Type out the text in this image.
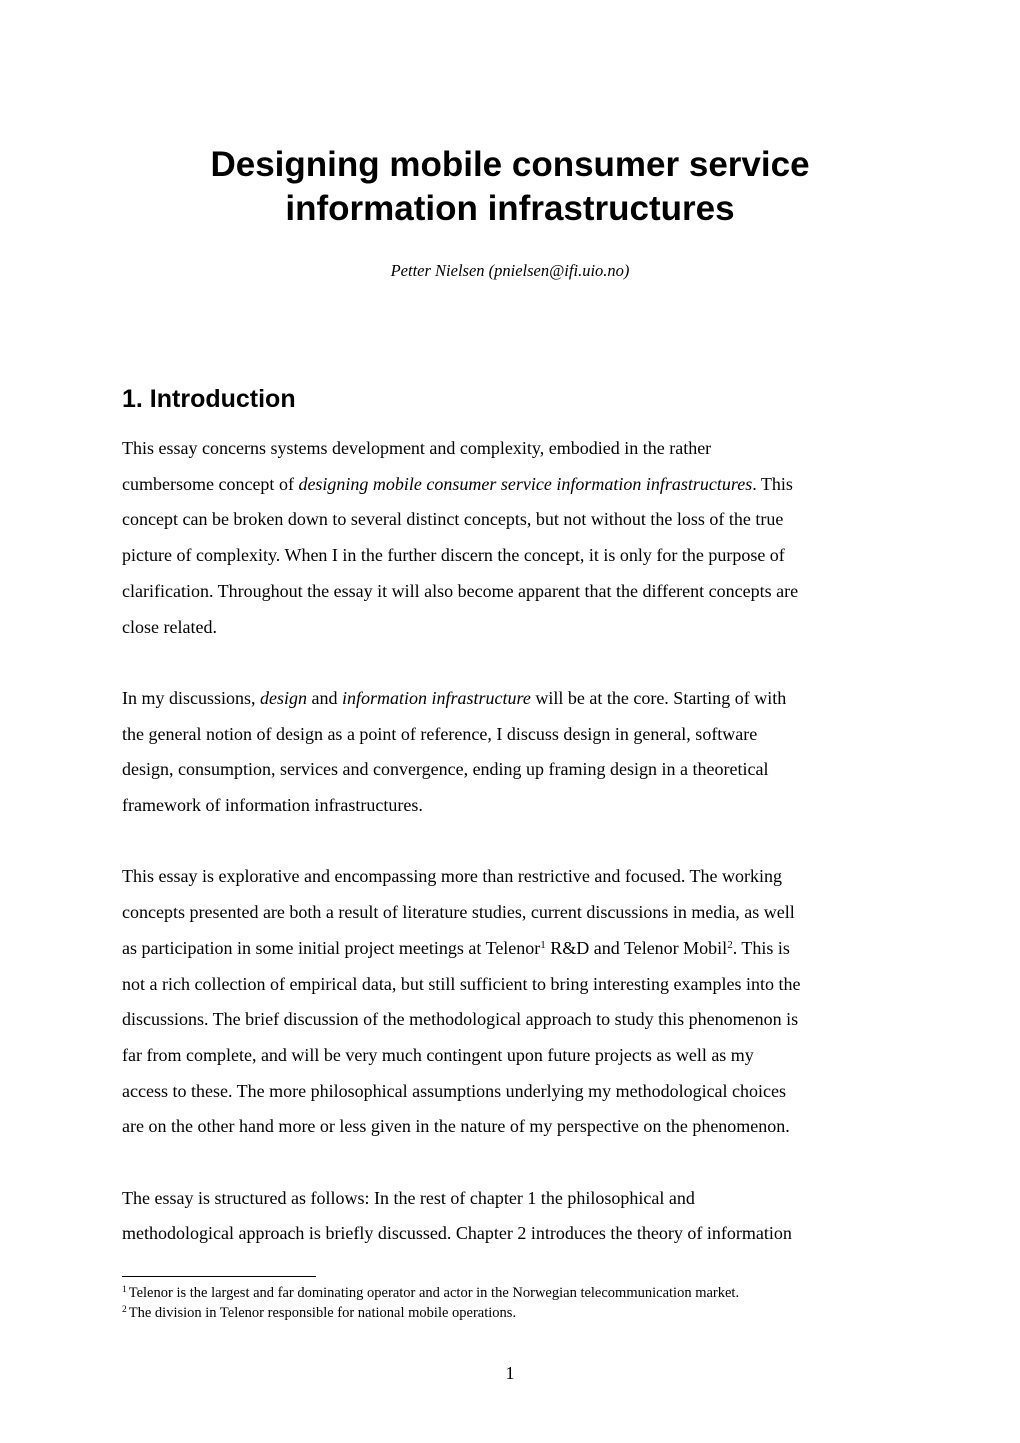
Designing mobile consumer service
information infrastructures

Petter Nielsen (pnielsen@ifi.uio.no)

1. Introduction

This essay concerns systems development and complexity, embodied in the rather
cumbersome concept of designing mobile consumer service information infrastructures. This
concept can be broken down to several distinct concepts, but not without the loss of the true
picture of complexity. When I in the further discern the concept, it is only for the purpose of
clarification. Throughout the essay it will also become apparent that the different concepts are
close related.

In my discussions, design and information infrastructure will be at the core. Starting of with
the general notion of design as a point of reference, I discuss design in general, software
design, consumption, services and convergence, ending up framing design in a theoretical
framework of information infrastructures.

This essay is explorative and encompassing more than restrictive and focused. The working
concepts presented are both a result of literature studies, current discussions in media, as well
as participation in some initial project meetings at Telenor$^1$ R&D and Telenor Mobil$^2$. This is
not a rich collection of empirical data, but still sufficient to bring interesting examples into the
discussions. The brief discussion of the methodological approach to study this phenomenon is
far from complete, and will be very much contingent upon future projects as well as my
access to these. The more philosophical assumptions underlying my methodological choices
are on the other hand more or less given in the nature of my perspective on the phenomenon.

The essay is structured as follows: In the rest of chapter 1 the philosophical and
methodological approach is briefly discussed. Chapter 2 introduces the theory of information

$^1$ Telenor is the largest and far dominating operator and actor in the Norwegian telecommunication market.

$^2$ The division in Telenor responsible for national mobile operations.

1
